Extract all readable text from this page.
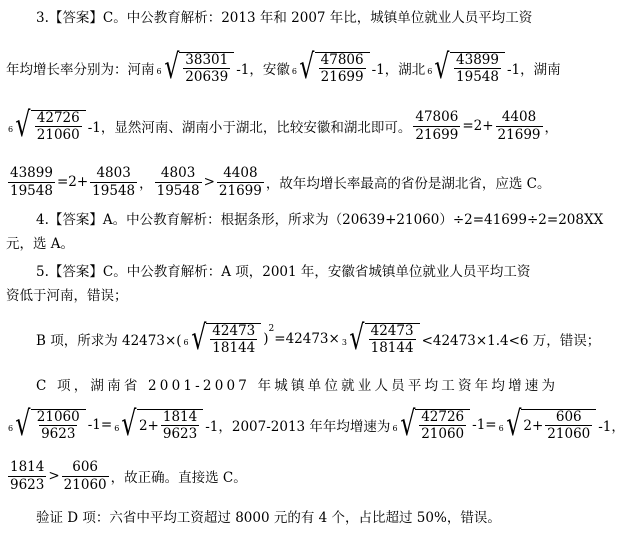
3.【答案】C。中公教育解析：2013 年和 2007 年比，城镇单位就业人员平均工资
年均增长率分别为：河南 6 √ $\frac{38301}{20639} -1$，安徽 6 √ $\frac{47806}{21699} -1$，湖北 6 √ $\frac{43899}{19548} -1$，湖南
6 √ $\frac{42726}{21060} -1$，显然河南、湖南小于湖北，比较安徽和湖北即可。 $\frac{47806}{21699} =2+ \frac{4408}{21699}$ ，
$\frac{43899}{19548} =2+ \frac{4803}{19548}$ ， $\frac{4803}{19548} > \frac{4408}{21699}$ ，故年均增长率最高的省份是湖北省，应选 C。
4.【答案】A。中公教育解析：根据条形，所求为（20639+21060）÷2=41699÷2=208XX
元，选 A。
5.【答案】C。中公教育解析：A 项，2001 年，安徽省城镇单位就业人员平均工资
资低于河南，错误；
B 项，所求为 42473×( 6 √ $\frac{42473}{18144}$ )
2
=42473× 3 √ $\frac{42473}{18144} <42473\times 1.4<6$ 万，错误；
C 项，湖南省 2001-2007 年城镇单位就业人员平均工资年均增速为
6 √ $\frac{21060}{9623} -1= 6$ √ $2+ \frac{1814}{9623} -1$，2007-2013 年年均增速为 6 √ $\frac{42726}{21060} -1= 6$ √ $2+ \frac{606}{21060} -1$，
$\frac{1814}{9623} > \frac{606}{21060}$ ，故正确。直接选 C。
验证 D 项：六省中平均工资超过 8000 元的有 4 个，占比超过 50%，错误。
